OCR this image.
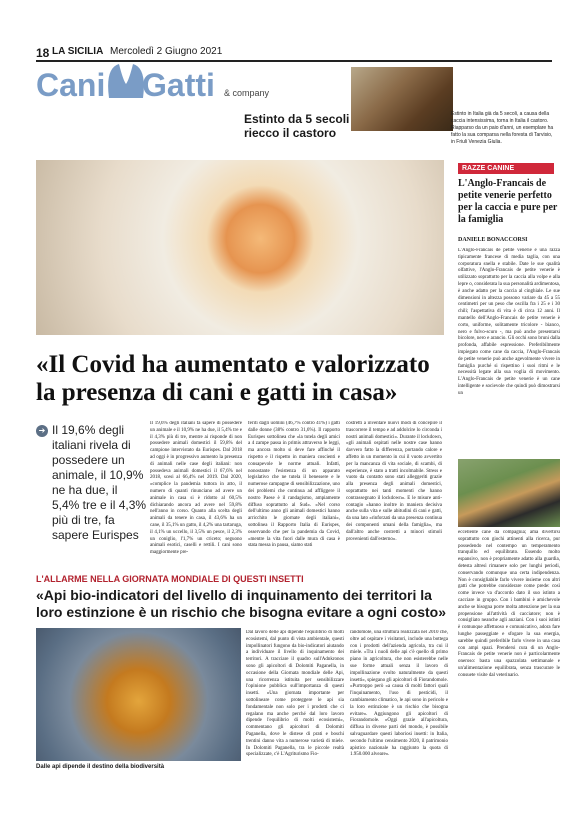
18 LA SICILIA Mercoledì 2 Giugno 2021
Cani Gatti & company
Estinto da 5 secoli riecco il castoro
Estinto in Italia già da 5 secoli, a causa della caccia intensissima, torna in Italia il castoro. Riapparso da un paio d'anni, un esemplare ha fatto la sua comparsa nella foresta di Tarvisio, in Friuli Venezia Giulia.
«Il Covid ha aumentato e valorizzato la presenza di cani e gatti in casa»
➔ Il 19,6% degli italiani rivela di possedere un animale, il 10,9% ne ha due, il 5,4% tre e il 4,3% più di tre, fa sapere Eurispes
Il 19,6% degli italiani fa sapere di possedere un animale e il 10,9% ne ha due, il 5,4% tre e il 4,3% più di tre, mentre ai risponde di non possedere animali domestici il 59,8% del campione intervistato da Eurispes. Dal 2018 ad oggi è in progressivo aumento la presenza di animali nelle case degli italiani: non possedeva animali domestici il 67,6% nel 2018, scesi al 66,4% nel 2019. Dal 2020, «complice la pandemia tuttora in atto, il numero di quanti rinunciano ad avere un animale in casa si è ridotto al 60,5% dichiarando ancora ad avere nel 59,8% nell'anno in corso. Quanto alla scelta degli animali da tenere in casa, il 43,6% ha un cane, il 35,1% un gatto, il 4,2% una tartaruga, il 4,1% un uccello, il 3,5% un pesce, il 2,3% un coniglio, l'1,7% un criceto; seguono animali esotici, caselli e rettili. I cani sono maggiormente pre-
feriti dagli uomini (46,7% contro 41%) i gatti dalle donne (38% contro 31,6%). Il rapporto Eurispes sottolinea che «la tutela degli amici a 4 zampe passa in primis attraverso le leggi, ma ancora molto si deve fare affinché il rispetto e il rispetto in maniera coscienti e consapevole le norme attuali. Infatti, nonostante l'esistenza di un apparato legislativo che ne tutela il benessere e le numerose campagne di sensibilizzazione, uno dei problemi che continua ad affliggere il nostro Paese è il randagismo, ampiamente diffuso soprattutto al Sud». «Nel corso dell'ultimo anno gli animali domestici hanno arricchito le giornate degli italiani», sottolinea il Rapporto Italia di Eurispes, osservando che per la pandemia da Covid, «mentre la vita fuori dalle mura di casa è stata messa in pausa, siamo stati
costretti a inventare nuovi modi di concepire il trascorrere il tempo e ad addolcire lo circonda i nostri animali domestici». Durante il lockdown, «gli animali ospitati nelle nostre case hanno davvero fatto la differenza, portando calore e affetto in un momento in cui il vuoto avvertito per la mancanza di vita sociale, di scambi, di esperienze, è stato a tratti incolmabile. Stress e vuoto da contatto sono stati alleggeriti grazie alla presenza degli animali domestici, soprattutto nei tanti momenti che hanno contrassegnato il lockdown». E le misure anti-contagio «hanno inoltre in maniera decisiva anche sulla vita e sulle abitudini di cani e gatti, da una lato «rinforzati da una presenza continua dei componenti umani della famiglia», ma dall'altro anche costretti a minori stimoli provenienti dall'esterno».
RAZZE CANINE
L'Anglo-Francais de petite venerie perfetto per la caccia e pure per la famiglia
DANIELE BONACCORSI
L'Anglo-Francais de petite venerie è una razza tipicamente francese di media taglia, con una corporatura snella e stabile. Date le sue qualità olfattive, l'Anglo-Francais de petite venerie è utilizzato soprattutto per la caccia alla volpe e alla lepre o, considerata la sua personalità ardimentosa, è anche adatto per la caccia al cinghiale. Le sue dimensioni in altezza possono variare da 45 a 55 centimetri per un peso che oscilla fra i 25 e i 30 chili; l'aspettativa di vita è di circa 12 anni. Il mantello dell'Anglo-Francais de petite venerie è corto, uniforme, solitamente tricolore - bianco, nero e fulvo-scuro -, ma può anche presentarsi bicolore, nero e arancio. Gli occhi sono bruni dalla profonda, affabile espressione. Preferibilmente impiegato come cane da caccia, l'Anglo-Francais de petite venerie può anche agevolmente vivere in famiglia purché si rispettino i suoi ritmi e le necessità legate alla sua voglia di movimento. L'Anglo-Francais de petite venerie è un cane intelligente e socievole che quindi può dimostrarsi un
eccellente cane da compagnia; ama divertirsi soprattutto con giochi attinenti alla ricerca, pur possedendo nel contempo un temperamento tranquillo ed equilibrato. Essendo molto espansivo, non è propriamente adatto alla guardia, detesta altresì rimanere solo per lunghi periodi, conservando comunque una certa indipendenza. Non è consigliabile farlo vivere insieme con altri gatti che potrebbe considerare come prede: così come invece va d'accordo dato il suo istinto a cacciare in gruppo. Con i bambini è amichevole anche se bisogna porre molta attenzione per la sua propensione all'attività di cacciatore; non è consigliato neanche agli anziani. Con i suoi istinti è comunque affettuoso e comunicativo, adora fare lunghe passeggiate e sfogare la sua energia, sarebbe quindi preferibile farlo vivere in una casa con ampi spazi. Prendersi cura di un Anglo-Francais de petite venerie non è particolarmente oneroso: basta una spazzolata settimanale e un'alimentazione equilibrata, senza trascurare le consuete visite dal veterinario.
L'ALLARME NELLA GIORNATA MONDIALE DI QUESTI INSETTI
«Api bio-indicatori del livello di inquinamento dei territori la loro estinzione è un rischio che bisogna evitare a ogni costo»
Dalle api dipende il destino della biodiversità
Dal lavoro delle api dipende l'equilibrio di molti ecosistemi, dal punto di vista ambientale, questi impollinatori fungono da bio-indicatori aiutando a individuare il livello di inquinamento dei territori. A tracciare il quadro sull'Adnkronos sono gli apicoltori di Dolomiti Paganella, in occasione della Giornata mondiale delle Api, una ricorrenza istituita per sensibilizzare l'opinione pubblica sull'importanza di questi insetti. «Una giornata importante per sottolineare come proteggere le api sia fondamentale non solo per i prodotti che ci regalano ma anche perché dal loro lavoro dipende l'equilibrio di molti ecosistemi», commentano gli apicoltori di Dolomiti Paganella, dove le distese di prati e boschi trentini danno vita a numerose varietà di miele. In Dolomiti Paganella, tra le piccole realtà specializzate, c'è L'Agriturismo Fio-
randomole, una struttura realizzata nel 2010 che, oltre ad ospitare i visitatori, include una bottega con i prodotti dell'azienda agricola, tra cui il miele. «Tra i nuoli delle api c'è quello di primo piano in agricoltura, che non esisterebbe nelle sue forme attuali senza il lavoro di impollinazione svolto naturalmente da questi insetti», spiegano gli apicoltori di Fiorandomole. «Purtroppo però «a causa di molti fattori quali l'inquinamento, l'uso di pesticidi, il cambiamento climatico, le api sono in pericolo e la loro estinzione è un rischio che bisogna evitare». Aggiungono gli apicoltori di Fiorandomole. «Oggi grazie all'apicoltura, diffusa in diverse parti del mondo, è possibile salvaguardare questi laboriosi insetti: in Italia, secondo l'ultimo censimento 2020, il patrimonio apistico nazionale ha raggiunto la quota di 1.950.000 alveare».
